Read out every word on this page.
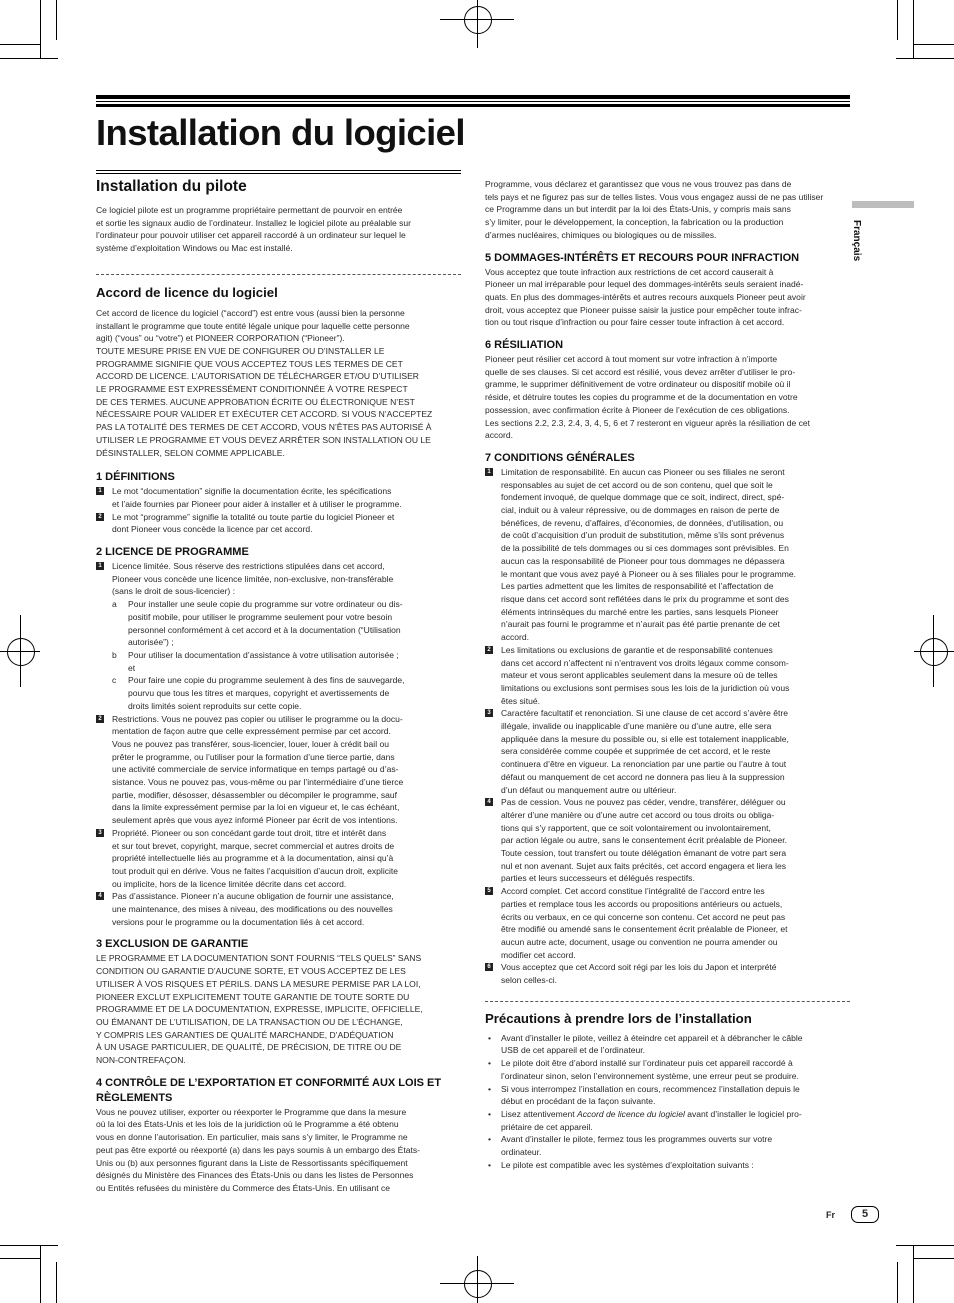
Installation du logiciel
Français
Installation du pilote

Ce logiciel pilote est un programme propriétaire permettant de pourvoir en entrée
et sortie les signaux audio de l’ordinateur. Installez le logiciel pilote au préalable sur
l’ordinateur pour pouvoir utiliser cet appareil raccordé à un ordinateur sur lequel le
système d’exploitation Windows ou Mac est installé.

Accord de licence du logiciel

Cet accord de licence du logiciel (“accord”) est entre vous (aussi bien la personne
installant le programme que toute entité légale unique pour laquelle cette personne
agit) (“vous” ou “votre”) et PIONEER CORPORATION (“Pioneer”).

TOUTE MESURE PRISE EN VUE DE CONFIGURER OU D’INSTALLER LE
PROGRAMME SIGNIFIE QUE VOUS ACCEPTEZ TOUS LES TERMES DE CET
ACCORD DE LICENCE. L’AUTORISATION DE TÉLÉCHARGER ET/OU D’UTILISER
LE PROGRAMME EST EXPRESSÉMENT CONDITIONNÉE À VOTRE RESPECT
DE CES TERMES. AUCUNE APPROBATION ÉCRITE OU ÉLECTRONIQUE N’EST
NÉCESSAIRE POUR VALIDER ET EXÉCUTER CET ACCORD. SI VOUS N’ACCEPTEZ
PAS LA TOTALITÉ DES TERMES DE CET ACCORD, VOUS N’ÊTES PAS AUTORISÉ À
UTILISER LE PROGRAMME ET VOUS DEVEZ ARRÊTER SON INSTALLATION OU LE
DÉSINSTALLER, SELON COMME APPLICABLE.

1 DÉFINITIONS
1 Le mot “documentation” signifie la documentation écrite, les spécifications
et l’aide fournies par Pioneer pour aider à installer et à utiliser le programme.

2 Le mot “programme” signifie la totalité ou toute partie du logiciel Pioneer et
dont Pioneer vous concède la licence par cet accord.

2 LICENCE DE PROGRAMME
1 Licence limitée. Sous réserve des restrictions stipulées dans cet accord,
Pioneer vous concède une licence limitée, non-exclusive, non-transférable
(sans le droit de sous-licencier) :

a	Pour installer une seule copie du programme sur votre ordinateur ou dis-
positif mobile, pour utiliser le programme seulement pour votre besoin
personnel conformément à cet accord et à la documentation (“Utilisation
autorisée”) ;

b	Pour utiliser la documentation d’assistance à votre utilisation autorisée ;
et

c	Pour faire une copie du programme seulement à des fins de sauvegarde,
pourvu que tous les titres et marques, copyright et avertissements de
droits limités soient reproduits sur cette copie.

2 Restrictions. Vous ne pouvez pas copier ou utiliser le programme ou la docu-
mentation de façon autre que celle expressément permise par cet accord.
Vous ne pouvez pas transférer, sous-licencier, louer, louer à crédit bail ou
prêter le programme, ou l’utiliser pour la formation d’une tierce partie, dans
une activité commerciale de service informatique en temps partagé ou d’as-
sistance. Vous ne pouvez pas, vous-même ou par l’intermédiaire d’une tierce
partie, modifier, désosser, désassembler ou décompiler le programme, sauf
dans la limite expressément permise par la loi en vigueur et, le cas échéant,
seulement après que vous ayez informé Pioneer par écrit de vos intentions.

3 Propriété. Pioneer ou son concédant garde tout droit, titre et intérêt dans
et sur tout brevet, copyright, marque, secret commercial et autres droits de
propriété intellectuelle liés au programme et à la documentation, ainsi qu’à
tout produit qui en dérive. Vous ne faites l’acquisition d’aucun droit, explicite
ou implicite, hors de la licence limitée décrite dans cet accord.

4 Pas d’assistance. Pioneer n’a aucune obligation de fournir une assistance,
une maintenance, des mises à niveau, des modifications ou des nouvelles
versions pour le programme ou la documentation liés à cet accord.

3 EXCLUSION DE GARANTIE

LE PROGRAMME ET LA DOCUMENTATION SONT FOURNIS “TELS QUELS” SANS
CONDITION OU GARANTIE D’AUCUNE SORTE, ET VOUS ACCEPTEZ DE LES
UTILISER À VOS RISQUES ET PÉRILS. DANS LA MESURE PERMISE PAR LA LOI,
PIONEER EXCLUT EXPLICITEMENT TOUTE GARANTIE DE TOUTE SORTE DU
PROGRAMME ET DE LA DOCUMENTATION, EXPRESSE, IMPLICITE, OFFICIELLE,
OU ÉMANANT DE L’UTILISATION, DE LA TRANSACTION OU DE L’ÉCHANGE,
Y COMPRIS LES GARANTIES DE QUALITÉ MARCHANDE, D’ADÉQUATION
À UN USAGE PARTICULIER, DE QUALITÉ, DE PRÉCISION, DE TITRE OU DE
NON-CONTREFAÇON.

4 CONTRÔLE DE L’EXPORTATION ET CONFORMITÉ AUX LOIS ET RÈGLEMENTS

Vous ne pouvez utiliser, exporter ou réexporter le Programme que dans la mesure
où la loi des États-Unis et les lois de la juridiction où le Programme a été obtenu
vous en donne l’autorisation. En particulier, mais sans s’y limiter, le Programme ne
peut pas être exporté ou réexporté (a) dans les pays soumis à un embargo des États-
Unis ou (b) aux personnes figurant dans la Liste de Ressortissants spécifiquement
désignés du Ministère des Finances des États-Unis ou dans les listes de Personnes
ou Entités refusées du ministère du Commerce des États-Unis. En utilisant ce

Programme, vous déclarez et garantissez que vous ne vous trouvez pas dans de
tels pays et ne figurez pas sur de telles listes. Vous vous engagez aussi de ne pas utiliser
ce Programme dans un but interdit par la loi des États-Unis, y compris mais sans
s’y limiter, pour le développement, la conception, la fabrication ou la production
d’armes nucléaires, chimiques ou biologiques ou de missiles.

5 DOMMAGES-INTÉRÊTS ET RECOURS POUR INFRACTION

Vous acceptez que toute infraction aux restrictions de cet accord causerait à
Pioneer un mal irréparable pour lequel des dommages-intérêts seuls seraient inadé-
quats. En plus des dommages-intérêts et autres recours auxquels Pioneer peut avoir
droit, vous acceptez que Pioneer puisse saisir la justice pour empêcher toute infrac-
tion ou tout risque d’infraction ou pour faire cesser toute infraction à cet accord.

6 RÉSILIATION

Pioneer peut résilier cet accord à tout moment sur votre infraction à n’importe
quelle de ses clauses. Si cet accord est résilié, vous devez arrêter d’utiliser le pro-
gramme, le supprimer définitivement de votre ordinateur ou dispositif mobile où il
réside, et détruire toutes les copies du programme et de la documentation en votre
possession, avec confirmation écrite à Pioneer de l’exécution de ces obligations.
Les sections 2.2, 2.3, 2.4, 3, 4, 5, 6 et 7 resteront en vigueur après la résiliation de cet
accord.

7 CONDITIONS GÉNÉRALES
1 Limitation de responsabilité. En aucun cas Pioneer ou ses filiales ne seront
responsables au sujet de cet accord ou de son contenu, quel que soit le
fondement invoqué, de quelque dommage que ce soit, indirect, direct, spé-
cial, induit ou à valeur répressive, ou de dommages en raison de perte de
bénéfices, de revenu, d’affaires, d’économies, de données, d’utilisation, ou
de coût d’acquisition d’un produit de substitution, même s’ils sont prévenus
de la possibilité de tels dommages ou si ces dommages sont prévisibles. En
aucun cas la responsabilité de Pioneer pour tous dommages ne dépassera
le montant que vous avez payé à Pioneer ou à ses filiales pour le programme.
Les parties admettent que les limites de responsabilité et l’affectation de
risque dans cet accord sont reflétées dans le prix du programme et sont des
éléments intrinsèques du marché entre les parties, sans lesquels Pioneer
n’aurait pas fourni le programme et n’aurait pas été partie prenante de cet
accord.

2 Les limitations ou exclusions de garantie et de responsabilité contenues
dans cet accord n’affectent ni n’entravent vos droits légaux comme consom-
mateur et vous seront applicables seulement dans la mesure où de telles
limitations ou exclusions sont permises sous les lois de la juridiction où vous
êtes situé.

3 Caractère facultatif et renonciation. Si une clause de cet accord s’avère être
illégale, invalide ou inapplicable d’une manière ou d’une autre, elle sera
appliquée dans la mesure du possible ou, si elle est totalement inapplicable,
sera considérée comme coupée et supprimée de cet accord, et le reste
continuera d’être en vigueur. La renonciation par une partie ou l’autre à tout
défaut ou manquement de cet accord ne donnera pas lieu à la suppression
d’un défaut ou manquement autre ou ultérieur.

4 Pas de cession. Vous ne pouvez pas céder, vendre, transférer, déléguer ou
altérer d’une manière ou d’une autre cet accord ou tous droits ou obliga-
tions qui s’y rapportent, que ce soit volontairement ou involontairement,
par action légale ou autre, sans le consentement écrit préalable de Pioneer.
Toute cession, tout transfert ou toute délégation émanant de votre part sera
nul et non avenant. Sujet aux faits précités, cet accord engagera et liera les
parties et leurs successeurs et délégués respectifs.

5 Accord complet. Cet accord constitue l’intégralité de l’accord entre les
parties et remplace tous les accords ou propositions antérieurs ou actuels,
écrits ou verbaux, en ce qui concerne son contenu. Cet accord ne peut pas
être modifié ou amendé sans le consentement écrit préalable de Pioneer, et
aucun autre acte, document, usage ou convention ne pourra amender ou
modifier cet accord.

6 Vous acceptez que cet Accord soit régi par les lois du Japon et interprété
selon celles-ci.

Précautions à prendre lors de l’installation
• Avant d’installer le pilote, veillez à éteindre cet appareil et à débrancher le câble
USB de cet appareil et de l’ordinateur.
• Le pilote doit être d’abord installé sur l’ordinateur puis cet appareil raccordé à
l’ordinateur sinon, selon l’environnement système, une erreur peut se produire.
• Si vous interrompez l’installation en cours, recommencez l’installation depuis le
début en procédant de la façon suivante.
• Lisez attentivement Accord de licence du logiciel avant d’installer le logiciel pro-
priétaire de cet appareil.
• Avant d’installer le pilote, fermez tous les programmes ouverts sur votre
ordinateur.
• Le pilote est compatible avec les systèmes d’exploitation suivants :
Fr	5
